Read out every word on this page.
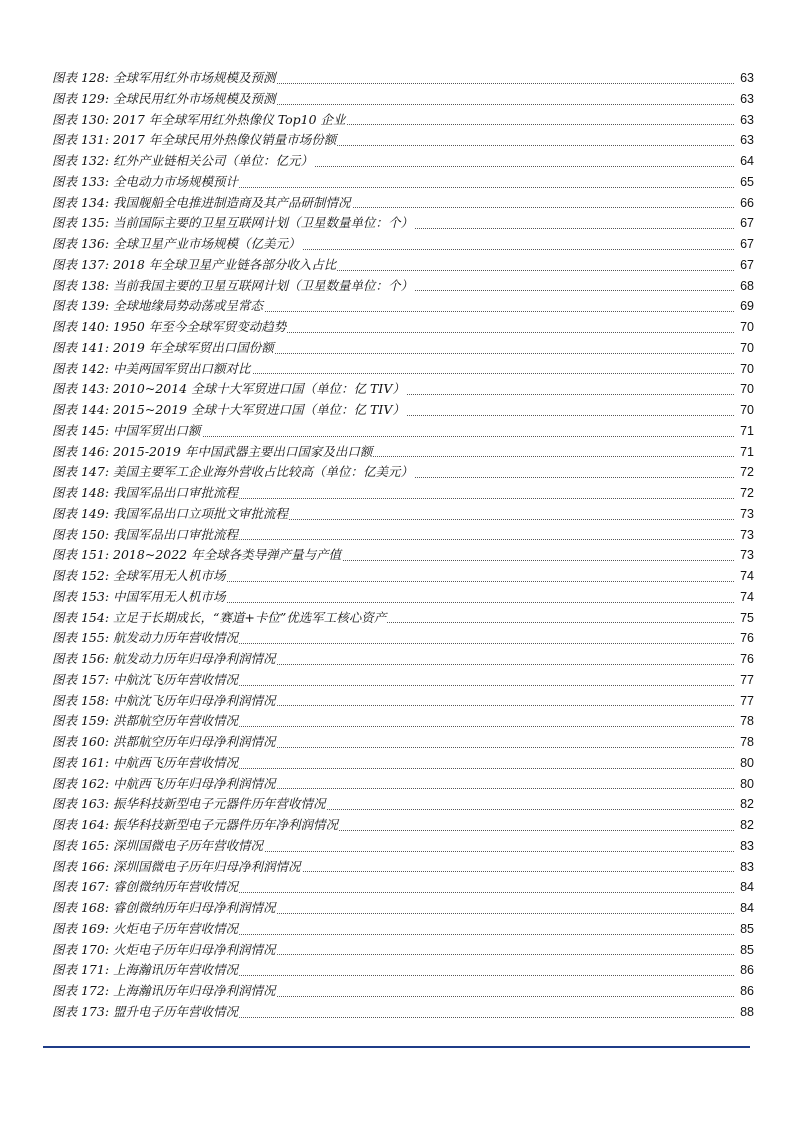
图表 128: 全球军用红外市场规模及预测	63
图表 129: 全球民用红外市场规模及预测	63
图表 130: 2017 年全球军用红外热像仪 Top10 企业	63
图表 131: 2017 年全球民用外热像仪销量市场份额	63
图表 132: 红外产业链相关公司（单位：亿元）	64
图表 133: 全电动力市场规模预计	65
图表 134: 我国舰船全电推进制造商及其产品研制情况	66
图表 135: 当前国际主要的卫星互联网计划（卫星数量单位：个）	67
图表 136: 全球卫星产业市场规模（亿美元）	67
图表 137: 2018 年全球卫星产业链各部分收入占比	67
图表 138: 当前我国主要的卫星互联网计划（卫星数量单位：个）	68
图表 139: 全球地缘局势动荡或呈常态	69
图表 140: 1950 年至今全球军贸变动趋势	70
图表 141: 2019 年全球军贸出口国份额	70
图表 142: 中美两国军贸出口额对比	70
图表 143: 2010~2014 全球十大军贸进口国（单位：亿 TIV）	70
图表 144: 2015~2019 全球十大军贸进口国（单位：亿 TIV）	70
图表 145: 中国军贸出口额	71
图表 146: 2015-2019 年中国武器主要出口国家及出口额	71
图表 147: 美国主要军工企业海外营收占比较高（单位：亿美元）	72
图表 148: 我国军品出口审批流程	72
图表 149: 我国军品出口立项批文审批流程	73
图表 150: 我国军品出口审批流程	73
图表 151: 2018~2022 年全球各类导弹产量与产值	73
图表 152: 全球军用无人机市场	74
图表 153: 中国军用无人机市场	74
图表 154: 立足于长期成长，“赛道+卡位”优选军工核心资产	75
图表 155: 航发动力历年营收情况	76
图表 156: 航发动力历年归母净利润情况	76
图表 157: 中航沈飞历年营收情况	77
图表 158: 中航沈飞历年归母净利润情况	77
图表 159: 洪都航空历年营收情况	78
图表 160: 洪都航空历年归母净利润情况	78
图表 161: 中航西飞历年营收情况	80
图表 162: 中航西飞历年归母净利润情况	80
图表 163: 振华科技新型电子元器件历年营收情况	82
图表 164: 振华科技新型电子元器件历年净利润情况	82
图表 165: 深圳国微电子历年营收情况	83
图表 166: 深圳国微电子历年归母净利润情况	83
图表 167: 睿创微纳历年营收情况	84
图表 168: 睿创微纳历年归母净利润情况	84
图表 169: 火炬电子历年营收情况	85
图表 170: 火炬电子历年归母净利润情况	85
图表 171: 上海瀚讯历年营收情况	86
图表 172: 上海瀚讯历年归母净利润情况	86
图表 173: 盟升电子历年营收情况	88
